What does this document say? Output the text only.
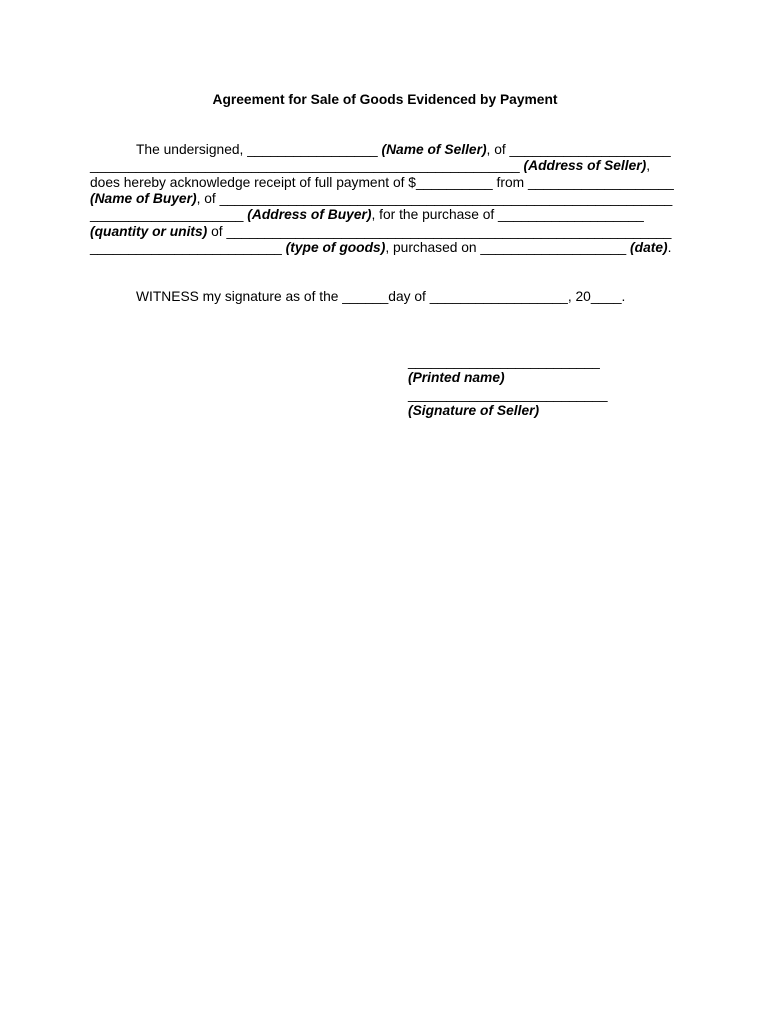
Agreement for Sale of Goods Evidenced by Payment
The undersigned, _________________ (Name of Seller), of _____________________
________________________________________________________ (Address of Seller),
does hereby acknowledge receipt of full payment of $__________ from ___________________
(Name of Buyer), of ___________________________________________________________
____________________ (Address of Buyer), for the purchase of ___________________
(quantity or units) of __________________________________________________________
_________________________ (type of goods), purchased on ___________________ (date).
WITNESS my signature as of the ______day of __________________, 20____.
_________________________
(Printed name)
__________________________
(Signature of Seller)
